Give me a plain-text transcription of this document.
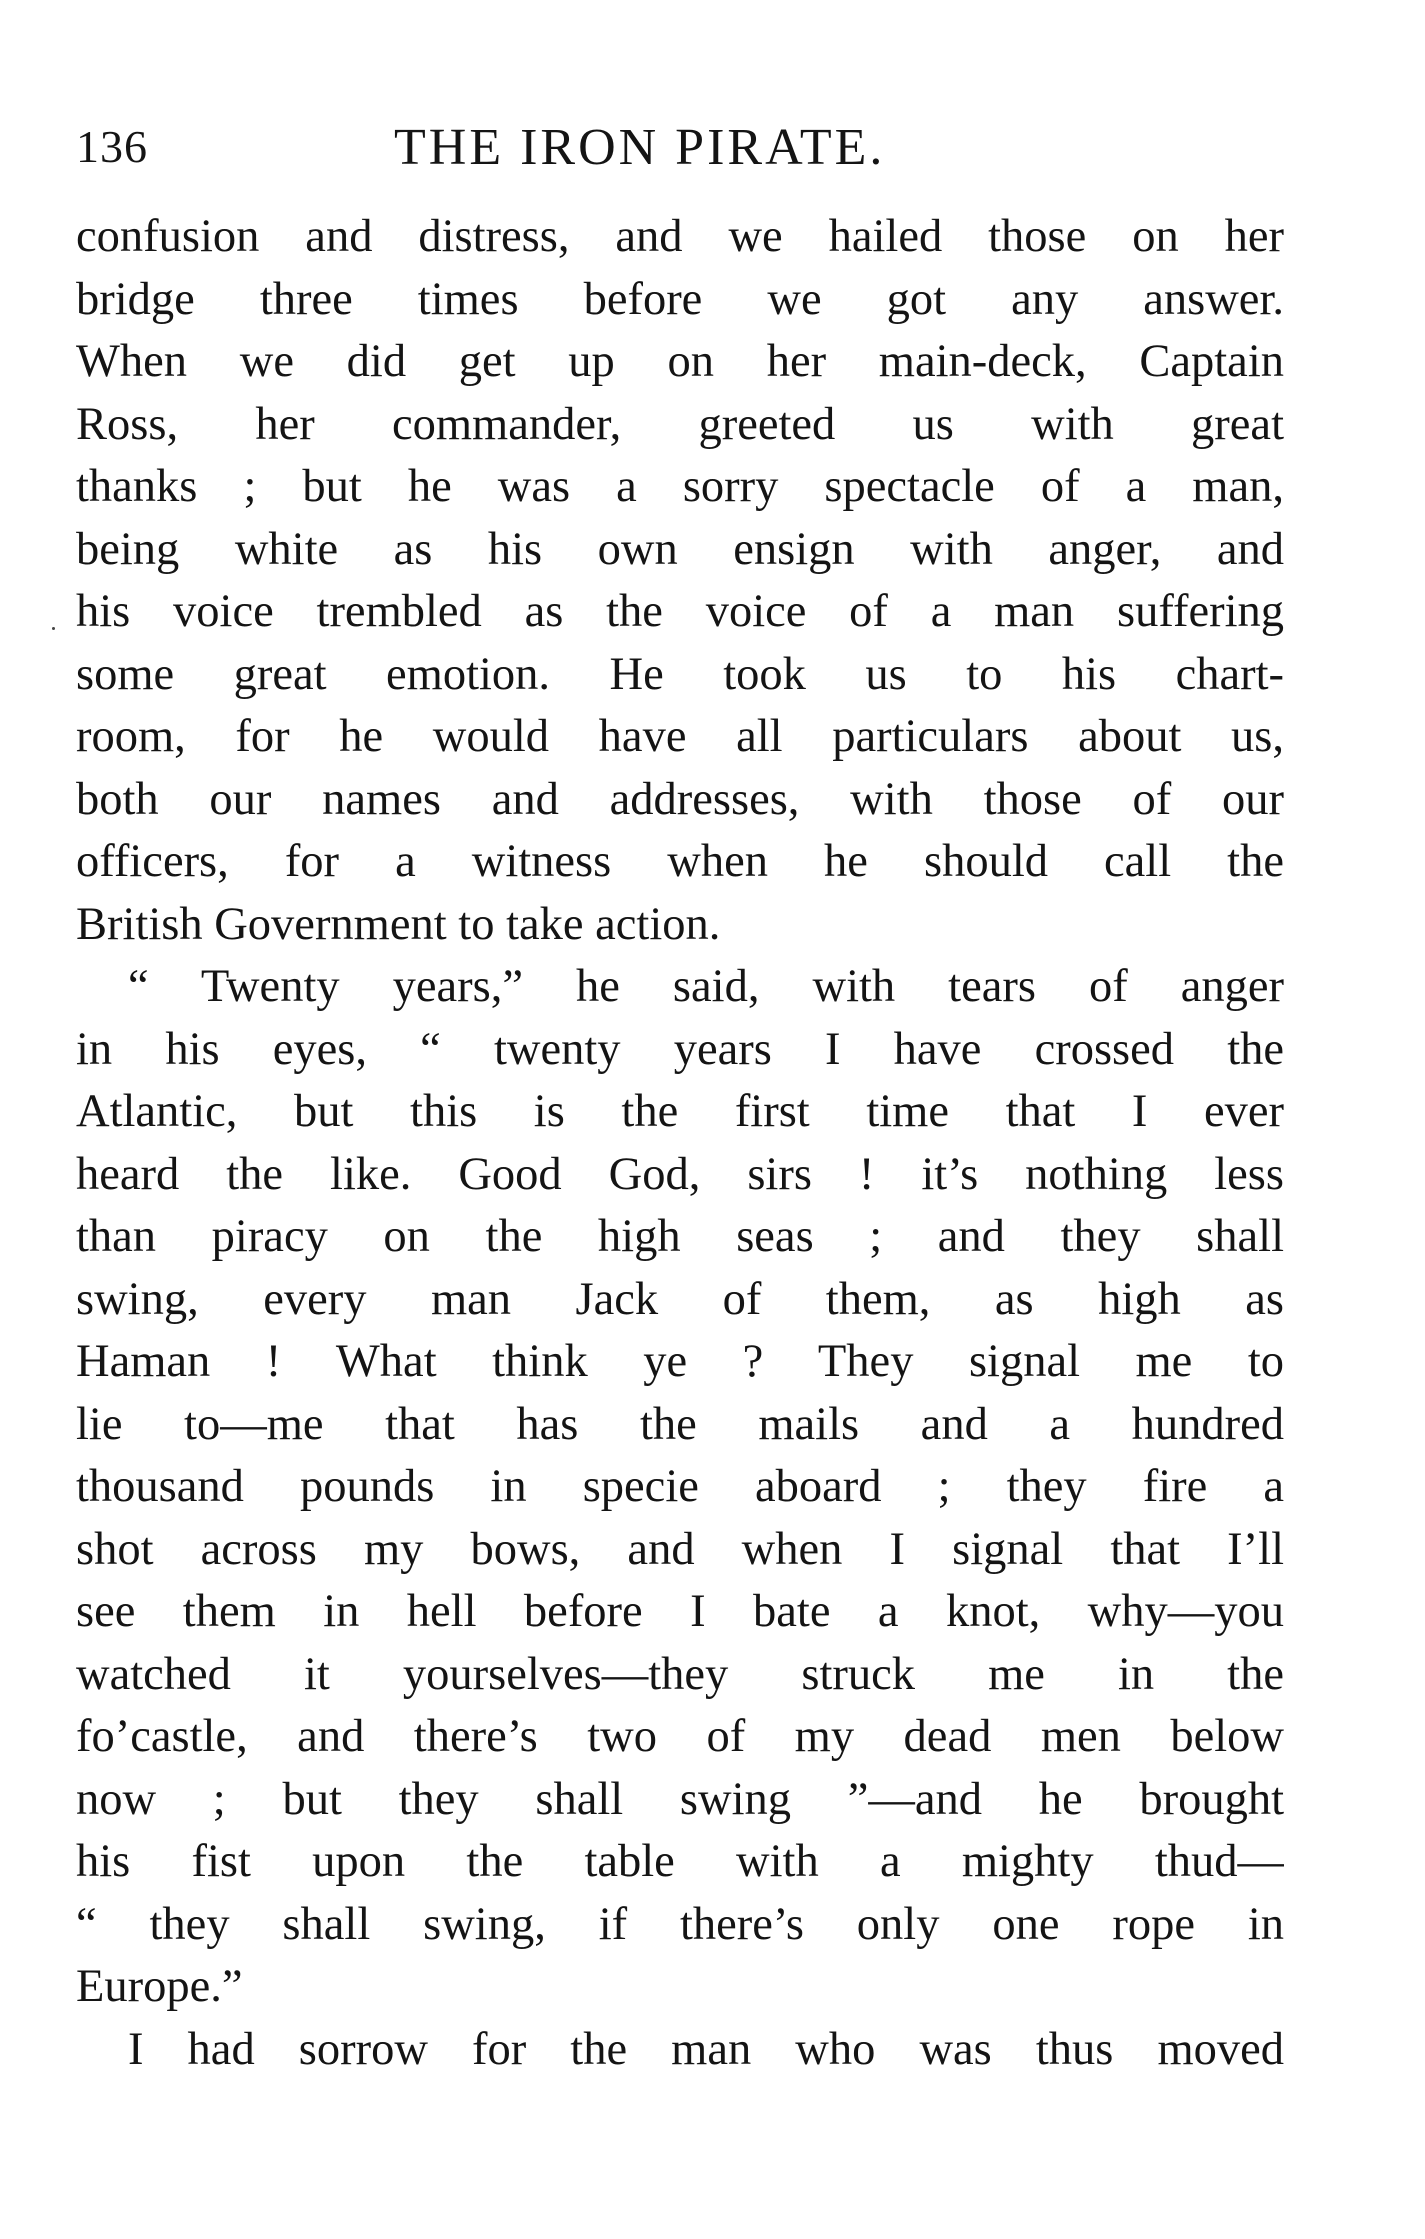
136	THE IRON PIRATE.
confusion and distress, and we hailed those on her
bridge three times before we got any answer.
When we did get up on her main-deck, Captain
Ross, her commander, greeted us with great
thanks ; but he was a sorry spectacle of a man,
being white as his own ensign with anger, and
his voice trembled as the voice of a man suffering
some great emotion. He took us to his chart-
room, for he would have all particulars about us,
both our names and addresses, with those of our
officers, for a witness when he should call the
British Government to take action.
“ Twenty years,” he said, with tears of anger
in his eyes, “ twenty years I have crossed the
Atlantic, but this is the first time that I ever
heard the like. Good God, sirs ! it’s nothing less
than piracy on the high seas ; and they shall
swing, every man Jack of them, as high as
Haman ! What think ye ? They signal me to
lie to—me that has the mails and a hundred
thousand pounds in specie aboard ; they fire a
shot across my bows, and when I signal that I’ll
see them in hell before I bate a knot, why—you
watched it yourselves—they struck me in the
fo’castle, and there’s two of my dead men below
now ; but they shall swing ”—and he brought
his fist upon the table with a mighty thud—
“ they shall swing, if there’s only one rope in
Europe.”
I had sorrow for the man who was thus moved
